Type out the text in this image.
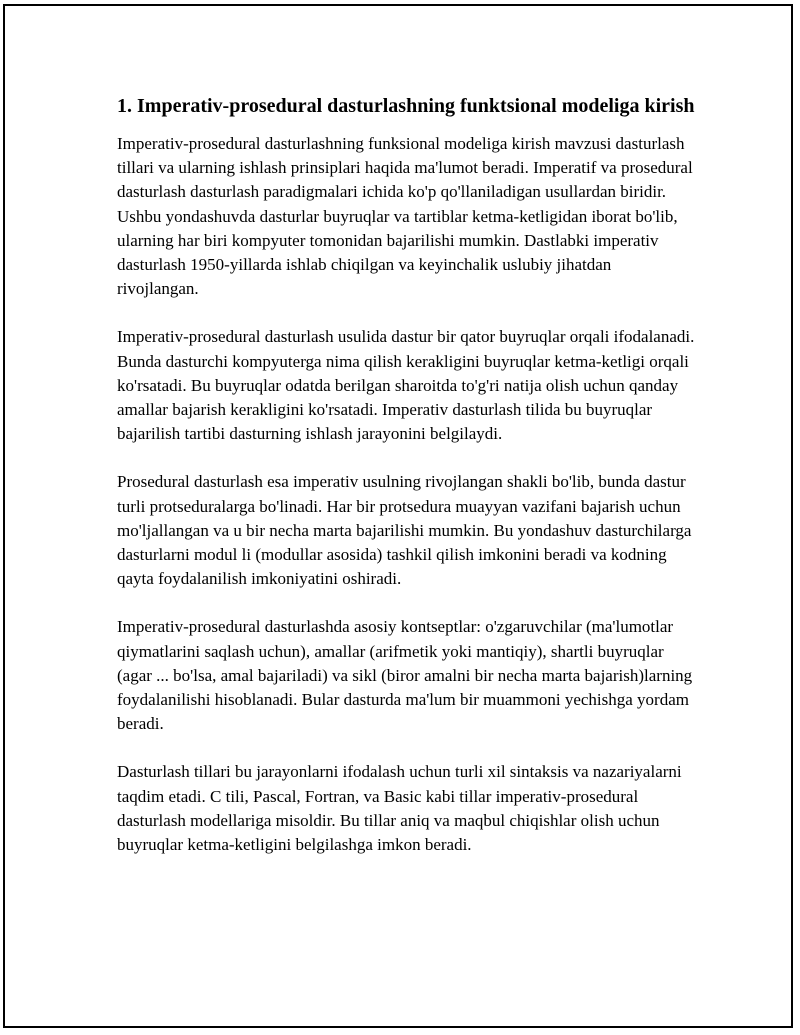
1. Imperativ-prosedural dasturlashning funktsional modeliga kirish

Imperativ-prosedural dasturlashning funksional modeliga kirish mavzusi dasturlash tillari va ularning ishlash prinsiplari haqida ma'lumot beradi. Imperatif va prosedural dasturlash dasturlash paradigmalari ichida ko'p qo'llaniladigan usullardan biridir. Ushbu yondashuvda dasturlar buyruqlar va tartiblar ketma-ketligidan iborat bo'lib, ularning har biri kompyuter tomonidan bajarilishi mumkin. Dastlabki imperativ dasturlash 1950-yillarda ishlab chiqilgan va keyinchalik uslubiy jihatdan rivojlangan.

Imperativ-prosedural dasturlash usulida dastur bir qator buyruqlar orqali ifodalanadi. Bunda dasturchi kompyuterga nima qilish kerakligini buyruqlar ketma-ketligi orqali ko'rsatadi. Bu buyruqlar odatda berilgan sharoitda to'g'ri natija olish uchun qanday amallar bajarish kerakligini ko'rsatadi. Imperativ dasturlash tilida bu buyruqlar bajarilish tartibi dasturning ishlash jarayonini belgilaydi.

Prosedural dasturlash esa imperativ usulning rivojlangan shakli bo'lib, bunda dastur turli protseduralarga bo'linadi. Har bir protsedura muayyan vazifani bajarish uchun mo'ljallangan va u bir necha marta bajarilishi mumkin. Bu yondashuv dasturchilarga dasturlarni modul li (modullar asosida) tashkil qilish imkonini beradi va kodning qayta foydalanilish imkoniyatini oshiradi.

Imperativ-prosedural dasturlashda asosiy kontseptlar: o'zgaruvchilar (ma'lumotlar qiymatlarini saqlash uchun), amallar (arifmetik yoki mantiqiy), shartli buyruqlar (agar ... bo'lsa, amal bajariladi) va sikl (biror amalni bir necha marta bajarish)larning foydalanilishi hisoblanadi. Bular dasturda ma'lum bir muammoni yechishga yordam beradi.

Dasturlash tillari bu jarayonlarni ifodalash uchun turli xil sintaksis va nazariyalarni taqdim etadi. C tili, Pascal, Fortran, va Basic kabi tillar imperativ-prosedural dasturlash modellariga misoldir. Bu tillar aniq va maqbul chiqishlar olish uchun buyruqlar ketma-ketligini belgilashga imkon beradi.
